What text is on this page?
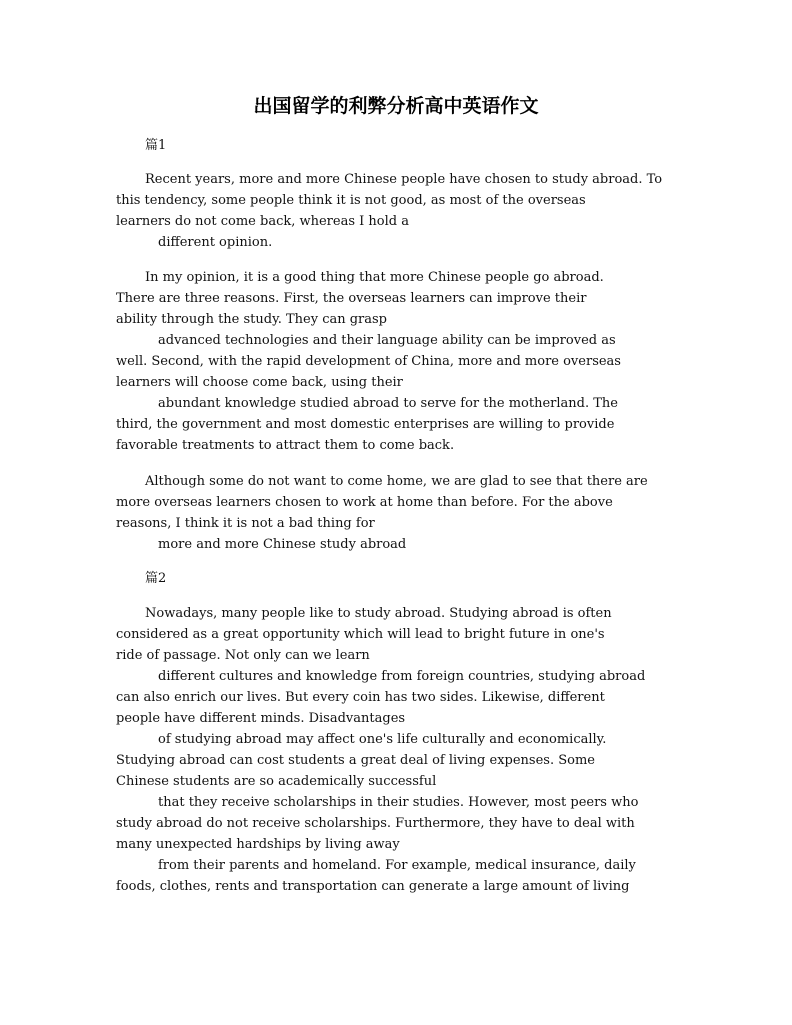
出国留学的利弊分析高中英语作文
篇1
Recent years, more and more Chinese people have chosen to study abroad. To
this tendency, some people think it is not good, as most of the overseas
learners do not come back, whereas I hold a
different opinion.
In my opinion, it is a good thing that more Chinese people go abroad.
There are three reasons. First, the overseas learners can improve their
ability through the study. They can grasp
advanced technologies and their language ability can be improved as
well. Second, with the rapid development of China, more and more overseas
learners will choose come back, using their
abundant knowledge studied abroad to serve for the motherland. The
third, the government and most domestic enterprises are willing to provide
favorable treatments to attract them to come back.
Although some do not want to come home, we are glad to see that there are
more overseas learners chosen to work at home than before. For the above
reasons, I think it is not a bad thing for
more and more Chinese study abroad
篇2
Nowadays, many people like to study abroad. Studying abroad is often
considered as a great opportunity which will lead to bright future in one's
ride of passage. Not only can we learn
different cultures and knowledge from foreign countries, studying abroad
can also enrich our lives. But every coin has two sides. Likewise, different
people have different minds. Disadvantages
of studying abroad may affect one's life culturally and economically.
Studying abroad can cost students a great deal of living expenses. Some
Chinese students are so academically successful
that they receive scholarships in their studies. However, most peers who
study abroad do not receive scholarships. Furthermore, they have to deal with
many unexpected hardships by living away
from their parents and homeland. For example, medical insurance, daily
foods, clothes, rents and transportation can generate a large amount of living
